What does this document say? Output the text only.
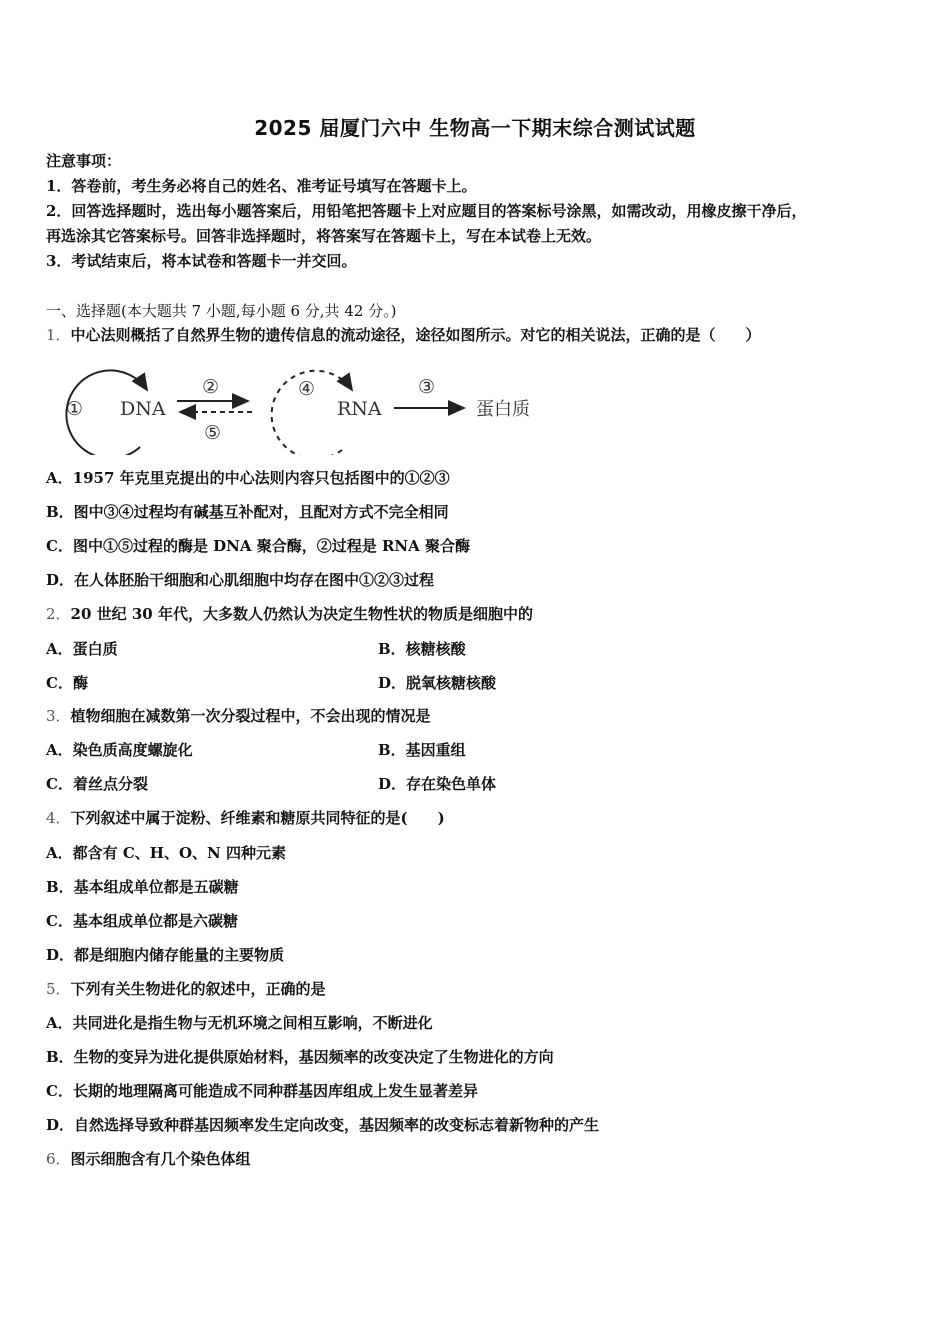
2025 届厦门六中 生物高一下期末综合测试试题
注意事项：
1．答卷前，考生务必将自己的姓名、准考证号填写在答题卡上。
2．回答选择题时，选出每小题答案后，用铅笔把答题卡上对应题目的答案标号涂黑，如需改动，用橡皮擦干净后，
再选涂其它答案标号。回答非选择题时，将答案写在答题卡上，写在本试卷上无效。
3．考试结束后，将本试卷和答题卡一并交回。
一、选择题(本大题共 7 小题,每小题 6 分,共 42 分。)
1．中心法则概括了自然界生物的遗传信息的流动途径，途径如图所示。对它的相关说法，正确的是（　　）
① DNA
②
⑤
④
RNA
③
蛋白质
A．1957 年克里克提出的中心法则内容只包括图中的①②③
B．图中③④过程均有碱基互补配对，且配对方式不完全相同
C．图中①⑤过程的酶是 DNA 聚合酶，②过程是 RNA 聚合酶
D．在人体胚胎干细胞和心肌细胞中均存在图中①②③过程
2．20 世纪 30 年代，大多数人仍然认为决定生物性状的物质是细胞中的
A．蛋白质	B．核糖核酸
C．酶	D．脱氧核糖核酸
3．植物细胞在减数第一次分裂过程中，不会出现的情况是
A．染色质高度螺旋化	B．基因重组
C．着丝点分裂	D．存在染色单体
4．下列叙述中属于淀粉、纤维素和糖原共同特征的是(　　)
A．都含有 C、H、O、N 四种元素
B．基本组成单位都是五碳糖
C．基本组成单位都是六碳糖
D．都是细胞内储存能量的主要物质
5．下列有关生物进化的叙述中，正确的是
A．共同进化是指生物与无机环境之间相互影响，不断进化
B．生物的变异为进化提供原始材料，基因频率的改变决定了生物进化的方向
C．长期的地理隔离可能造成不同种群基因库组成上发生显著差异
D．自然选择导致种群基因频率发生定向改变，基因频率的改变标志着新物种的产生
6．图示细胞含有几个染色体组
